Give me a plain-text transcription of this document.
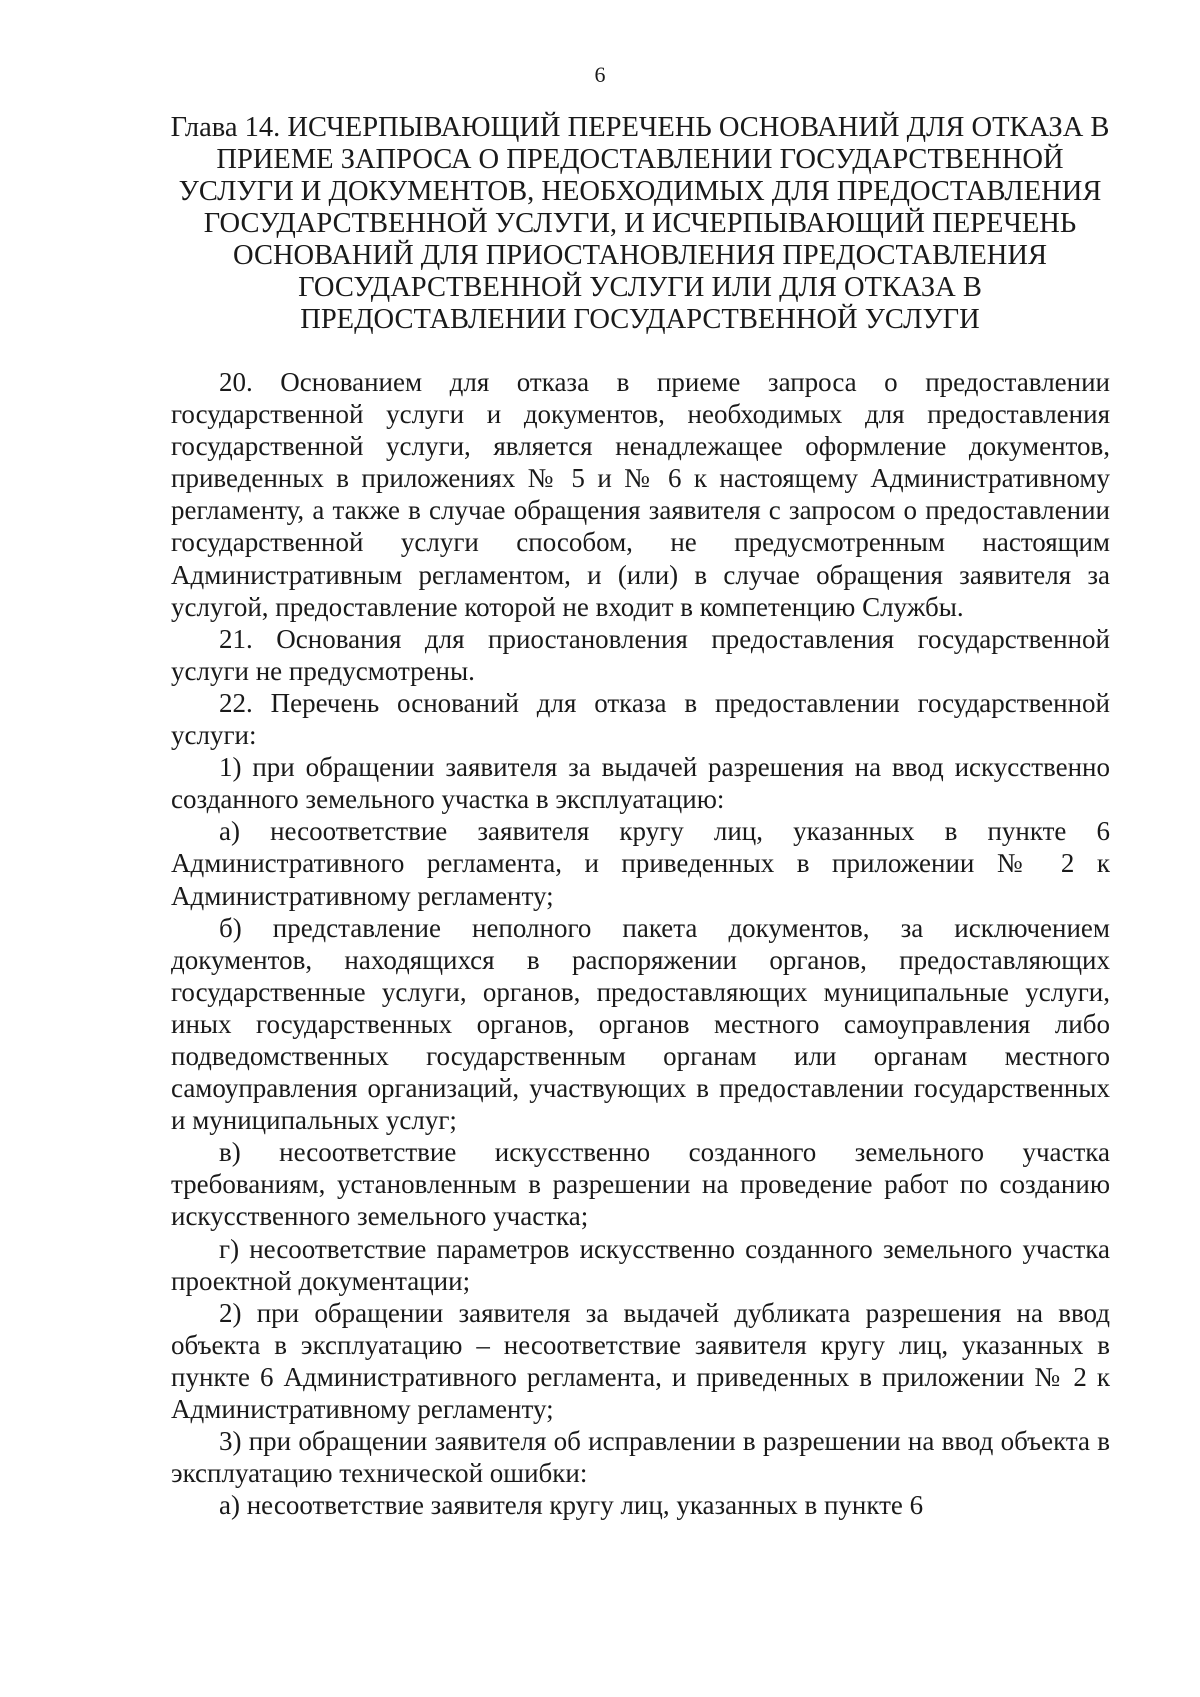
6
Глава 14. ИСЧЕРПЫВАЮЩИЙ ПЕРЕЧЕНЬ ОСНОВАНИЙ ДЛЯ ОТКАЗА В
ПРИЕМЕ ЗАПРОСА О ПРЕДОСТАВЛЕНИИ ГОСУДАРСТВЕННОЙ
УСЛУГИ И ДОКУМЕНТОВ, НЕОБХОДИМЫХ ДЛЯ ПРЕДОСТАВЛЕНИЯ
ГОСУДАРСТВЕННОЙ УСЛУГИ, И ИСЧЕРПЫВАЮЩИЙ ПЕРЕЧЕНЬ
ОСНОВАНИЙ ДЛЯ ПРИОСТАНОВЛЕНИЯ ПРЕДОСТАВЛЕНИЯ
ГОСУДАРСТВЕННОЙ УСЛУГИ ИЛИ ДЛЯ ОТКАЗА В
ПРЕДОСТАВЛЕНИИ ГОСУДАРСТВЕННОЙ УСЛУГИ

20. Основанием для отказа в приеме запроса о предоставлении государственной услуги и документов, необходимых для предоставления государственной услуги, является ненадлежащее оформление документов, приведенных в приложениях № 5 и № 6 к настоящему Административному регламенту, а также в случае обращения заявителя с запросом о предоставлении государственной услуги способом, не предусмотренным настоящим Административным регламентом, и (или) в случае обращения заявителя за услугой, предоставление которой не входит в компетенцию Службы.

21. Основания для приостановления предоставления государственной услуги не предусмотрены.

22. Перечень оснований для отказа в предоставлении государственной услуги:

1) при обращении заявителя за выдачей разрешения на ввод искусственно созданного земельного участка в эксплуатацию:

а) несоответствие заявителя кругу лиц, указанных в пункте 6 Административного регламента, и приведенных в приложении № 2 к Административному регламенту;

б) представление неполного пакета документов, за исключением документов, находящихся в распоряжении органов, предоставляющих государственные услуги, органов, предоставляющих муниципальные услуги, иных государственных органов, органов местного самоуправления либо подведомственных государственным органам или органам местного самоуправления организаций, участвующих в предоставлении государственных и муниципальных услуг;

в) несоответствие искусственно созданного земельного участка требованиям, установленным в разрешении на проведение работ по созданию искусственного земельного участка;

г) несоответствие параметров искусственно созданного земельного участка проектной документации;

2) при обращении заявителя за выдачей дубликата разрешения на ввод объекта в эксплуатацию – несоответствие заявителя кругу лиц, указанных в пункте 6 Административного регламента, и приведенных в приложении № 2 к Административному регламенту;

3) при обращении заявителя об исправлении в разрешении на ввод объекта в эксплуатацию технической ошибки:

а) несоответствие заявителя кругу лиц, указанных в пункте 6
